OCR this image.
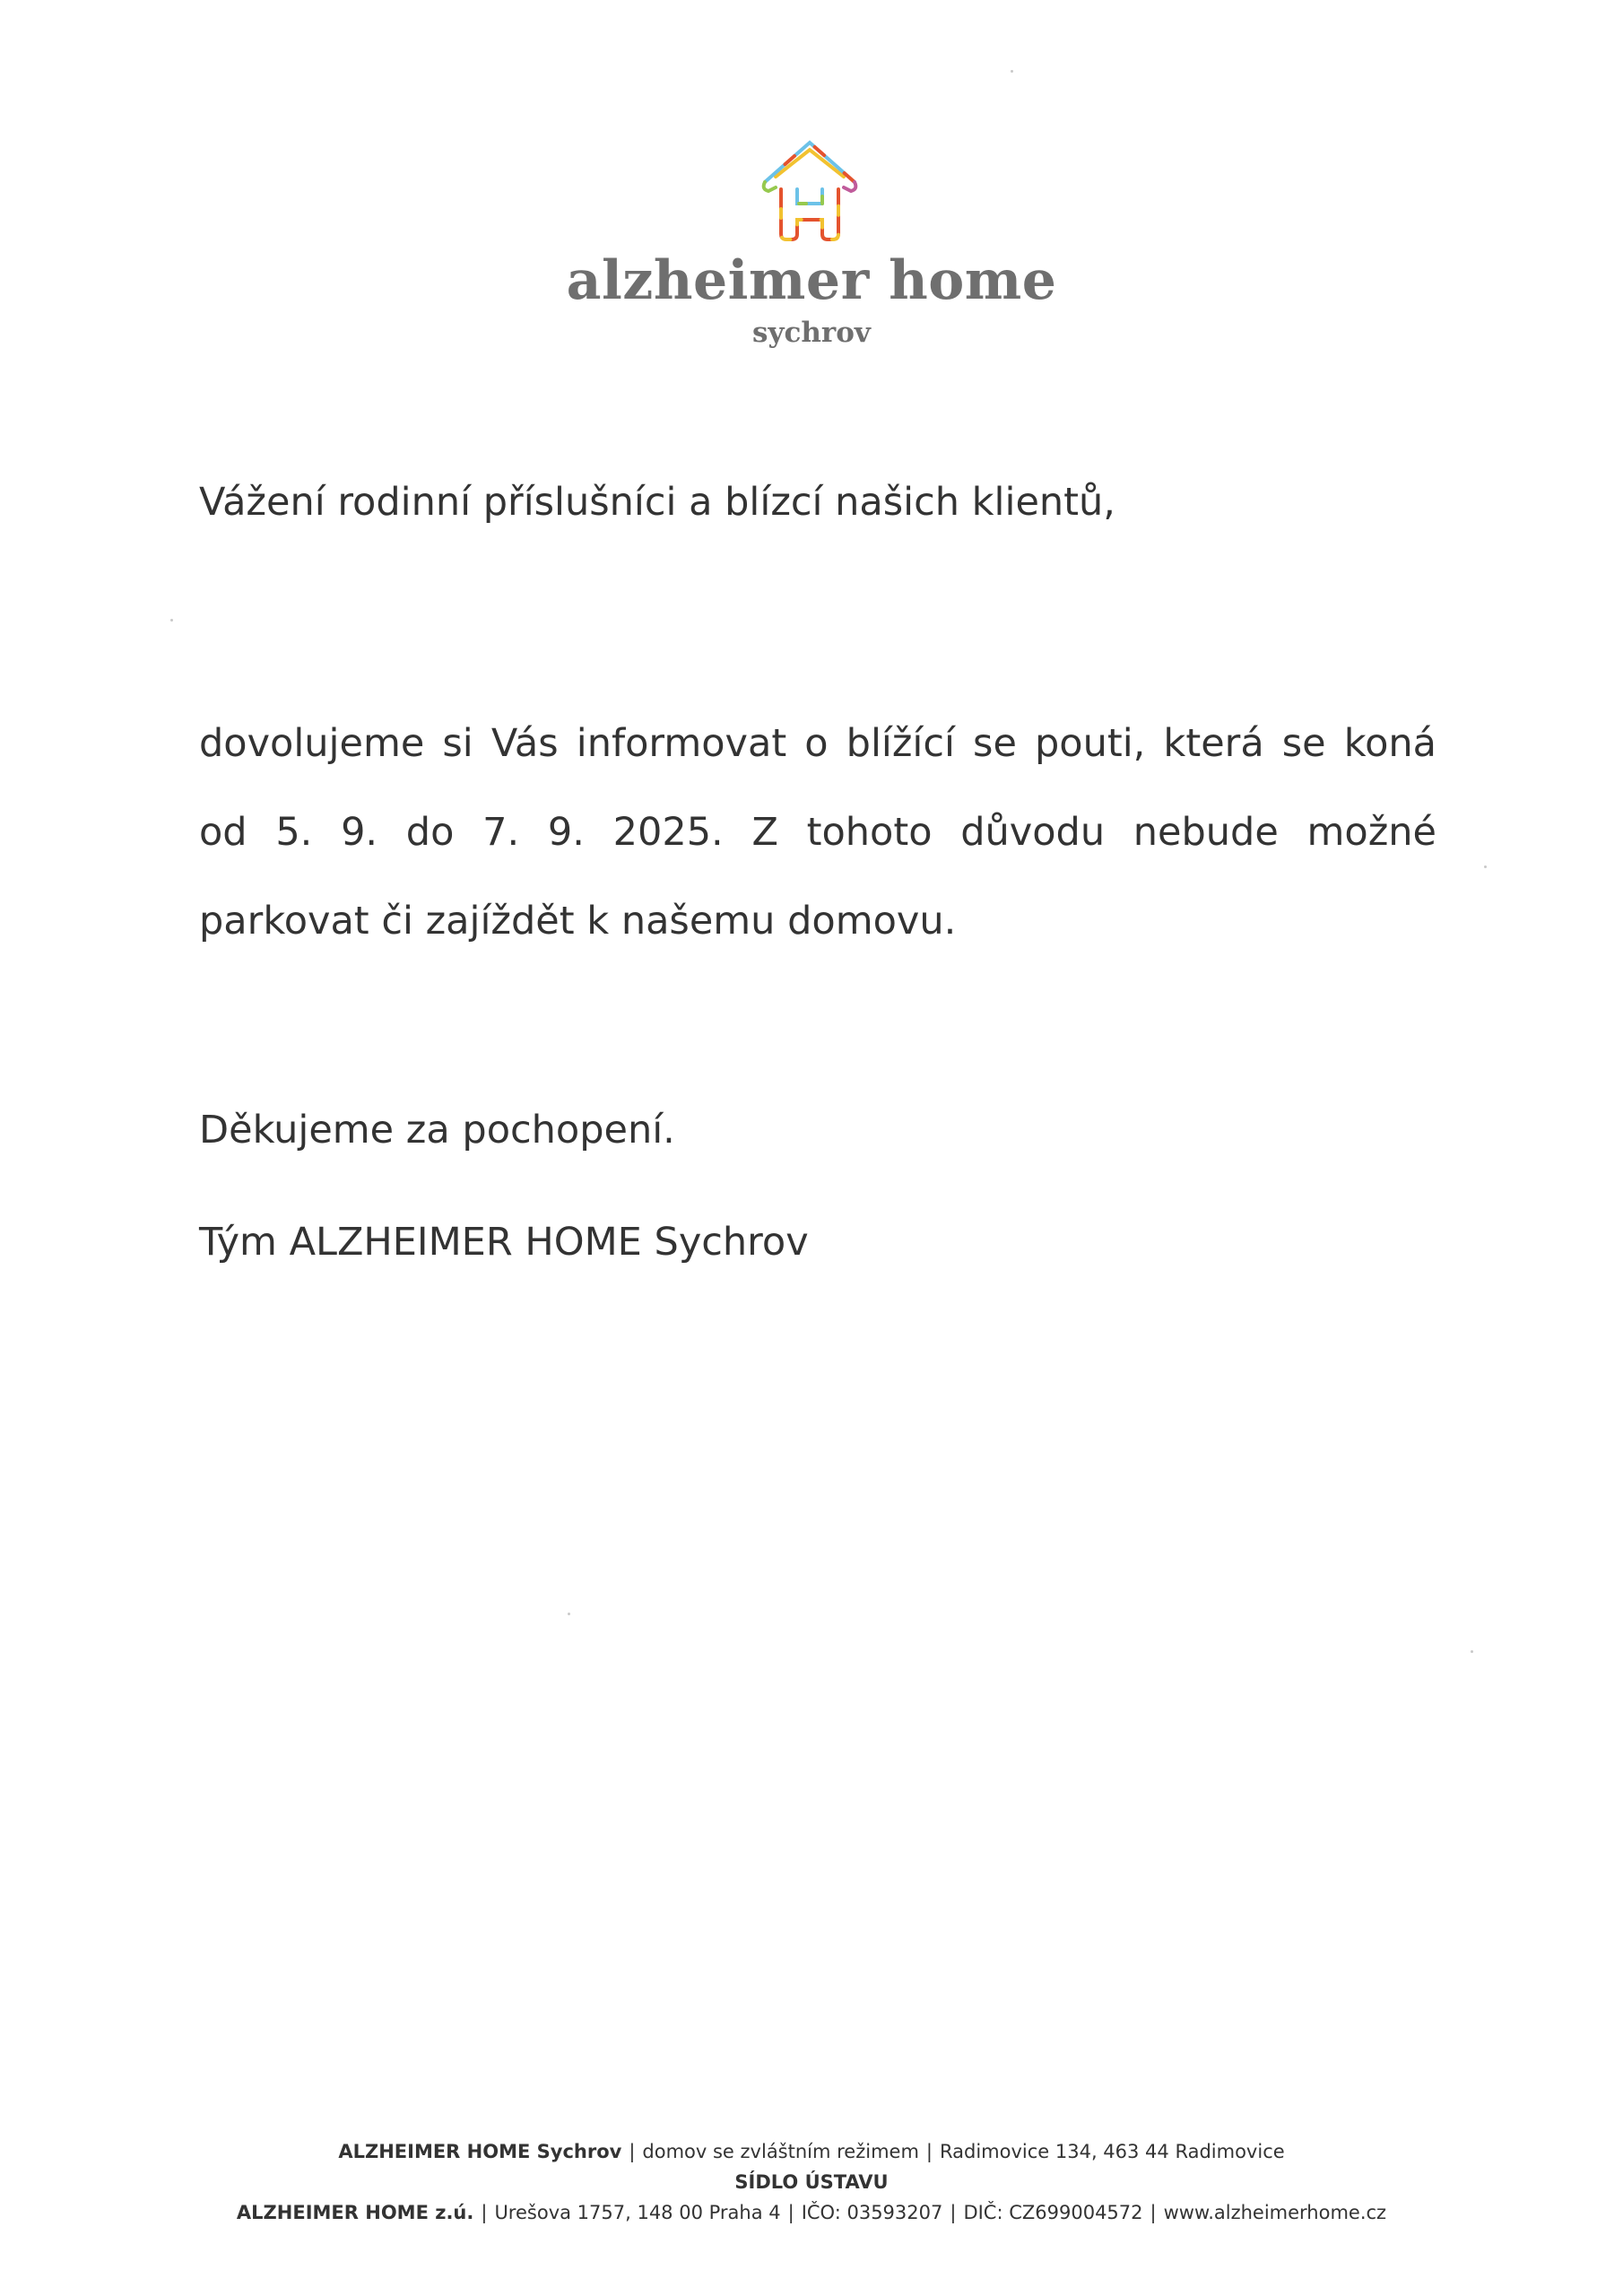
alzheimer home
sychrov
Vážení rodinní příslušníci a blízcí našich klientů,
dovolujeme si Vás informovat o blížící se pouti, která se koná
od 5. 9. do 7. 9. 2025. Z tohoto důvodu nebude možné
parkovat či zajíždět k našemu domovu.
Děkujeme za pochopení.
Tým ALZHEIMER HOME Sychrov
ALZHEIMER HOME Sychrov | domov se zvláštním režimem | Radimovice 134, 463 44 Radimovice
SÍDLO ÚSTAVU
ALZHEIMER HOME z.ú. | Urešova 1757, 148 00 Praha 4 | IČO: 03593207 | DIČ: CZ699004572 | www.alzheimerhome.cz
